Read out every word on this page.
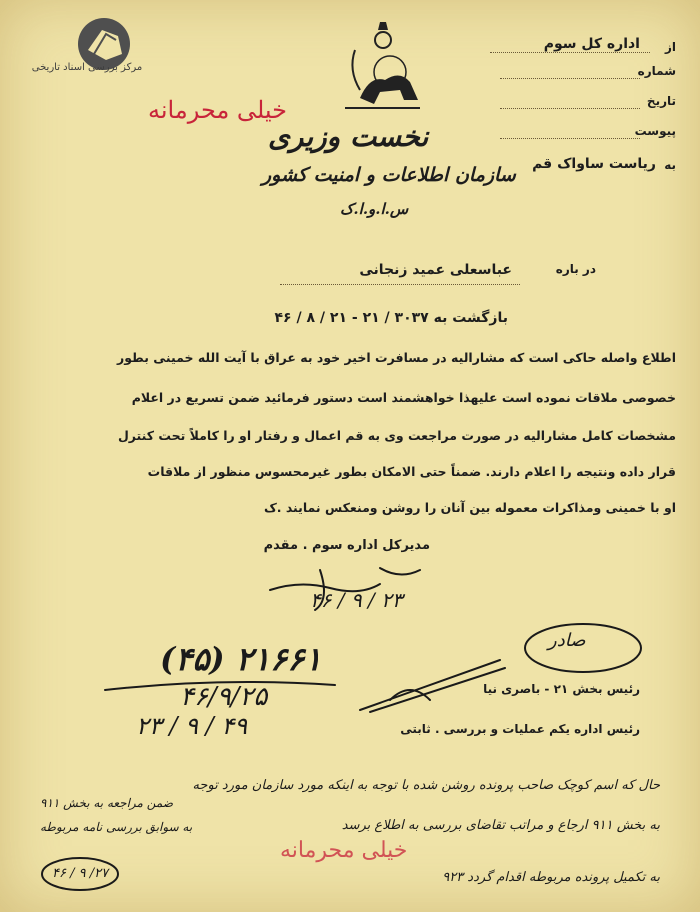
مرکز بررسی اسناد تاریخی
از
اداره کل سوم
شماره
تاریخ
پیوست
به
ریاست ساواک قم
خیلی محرمانه
نخست وزیری
سازمان اطلاعات و امنیت کشور
س.ا.و.ا.ک
در باره
عباسعلی عمید زنجانی
بازگشت به ۳۰۳۷ / ۲۱ - ۲۱ / ۸ / ۴۶
اطلاع واصله حاکی است که مشارالیه در مسافرت اخیر خود به عراق با آیت الله خمینی بطور
خصوصی ملاقات نموده است علیهذا خواهشمند است دستور فرمائید ضمن تسریع در اعلام
مشخصات کامل مشارالیه در صورت مراجعت وی به قم اعمال و رفتار او را کاملاً تحت کنترل
قرار داده ونتیجه را اعلام دارند. ضمناً حتی الامکان بطور غیرمحسوس منظور از ملاقات
او با خمینی ومذاکرات معموله بین آنان را روشن ومنعکس نمایند .ک
مدیرکل اداره سوم . مقدم
۲۳ / ۹ / ۴۶
صادر
۲۱۶۶۱ (۴۵)
۴۶/۹/۲۵
۴۹ / ۹ / ۲۳
رئیس بخش ۲۱ - باصری نیا
رئیس اداره یکم عملیات و بررسی . ثابتی
ضمن مراجعه به بخش ۹۱۱
به سوابق بررسی نامه مربوطه
۲۷/ ۹ / ۴۶
حال که اسم کوچک صاحب پرونده روشن شده با توجه به اینکه مورد سازمان مورد توجه
به بخش ۹۱۱ ارجاع و مراتب تقاضای بررسی به اطلاع برسد
خیلی محرمانه
به تکمیل پرونده مربوطه اقدام گردد ۹۲۳
